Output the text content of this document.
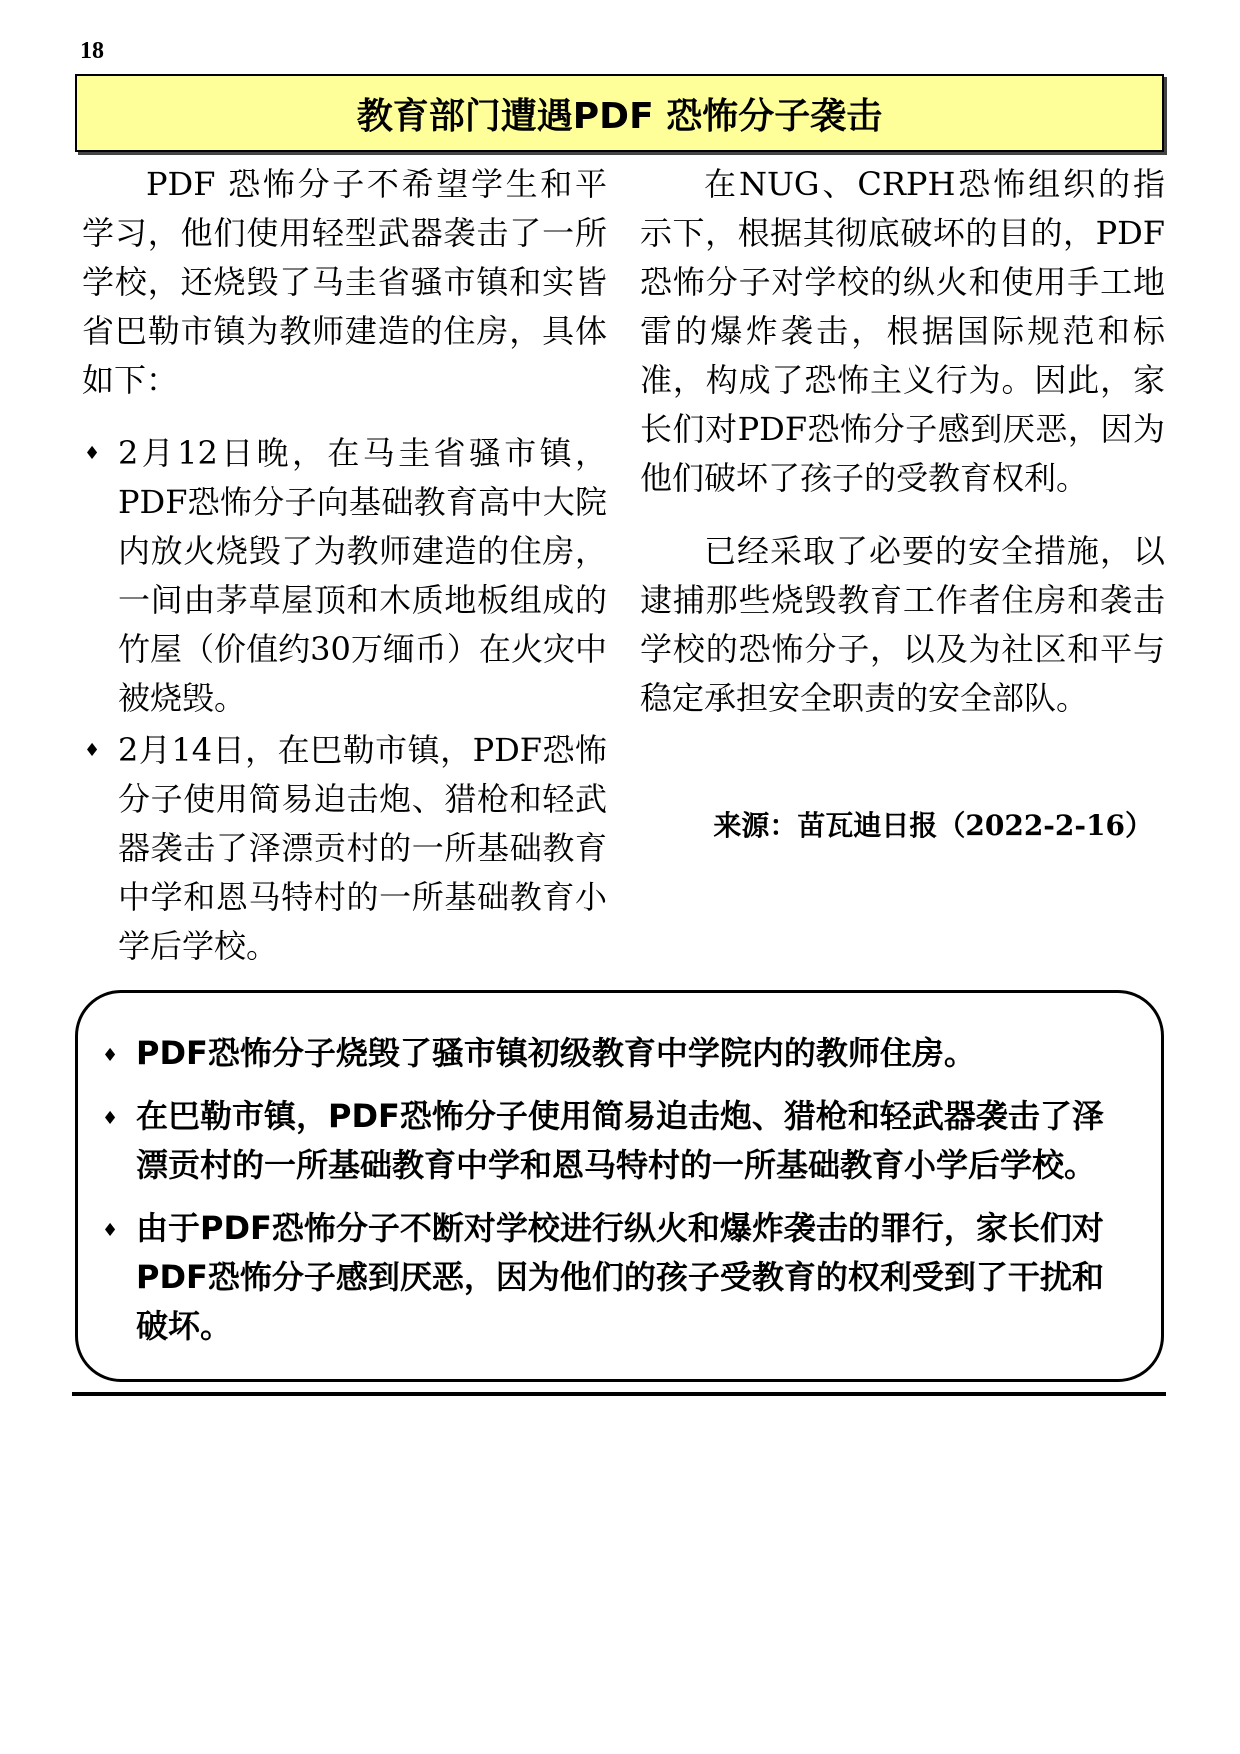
18
教育部门遭遇PDF 恐怖分子袭击

PDF 恐怖分子不希望学生和平学习，他们使用轻型武器袭击了一所学校，还烧毁了马圭省骚市镇和实皆省巴勒市镇为教师建造的住房，具体如下：

♦ 2月12日晚，在马圭省骚市镇，PDF恐怖分子向基础教育高中大院内放火烧毁了为教师建造的住房，一间由茅草屋顶和木质地板组成的竹屋（价值约30万缅币）在火灾中被烧毁。
♦ 2月14日，在巴勒市镇，PDF恐怖分子使用简易迫击炮、猎枪和轻武器袭击了泽漂贡村的一所基础教育中学和恩马特村的一所基础教育小学后学校。

在NUG、CRPH恐怖组织的指示下，根据其彻底破坏的目的，PDF恐怖分子对学校的纵火和使用手工地雷的爆炸袭击，根据国际规范和标准，构成了恐怖主义行为。因此，家长们对PDF恐怖分子感到厌恶，因为他们破坏了孩子的受教育权利。

已经采取了必要的安全措施，以逮捕那些烧毁教育工作者住房和袭击学校的恐怖分子，以及为社区和平与稳定承担安全职责的安全部队。

来源：苗瓦迪日报（2022-2-16）
♦ PDF恐怖分子烧毁了骚市镇初级教育中学院内的教师住房。
♦ 在巴勒市镇，PDF恐怖分子使用简易迫击炮、猎枪和轻武器袭击了泽漂贡村的一所基础教育中学和恩马特村的一所基础教育小学后学校。
♦ 由于PDF恐怖分子不断对学校进行纵火和爆炸袭击的罪行，家长们对PDF恐怖分子感到厌恶，因为他们的孩子受教育的权利受到了干扰和破坏。
